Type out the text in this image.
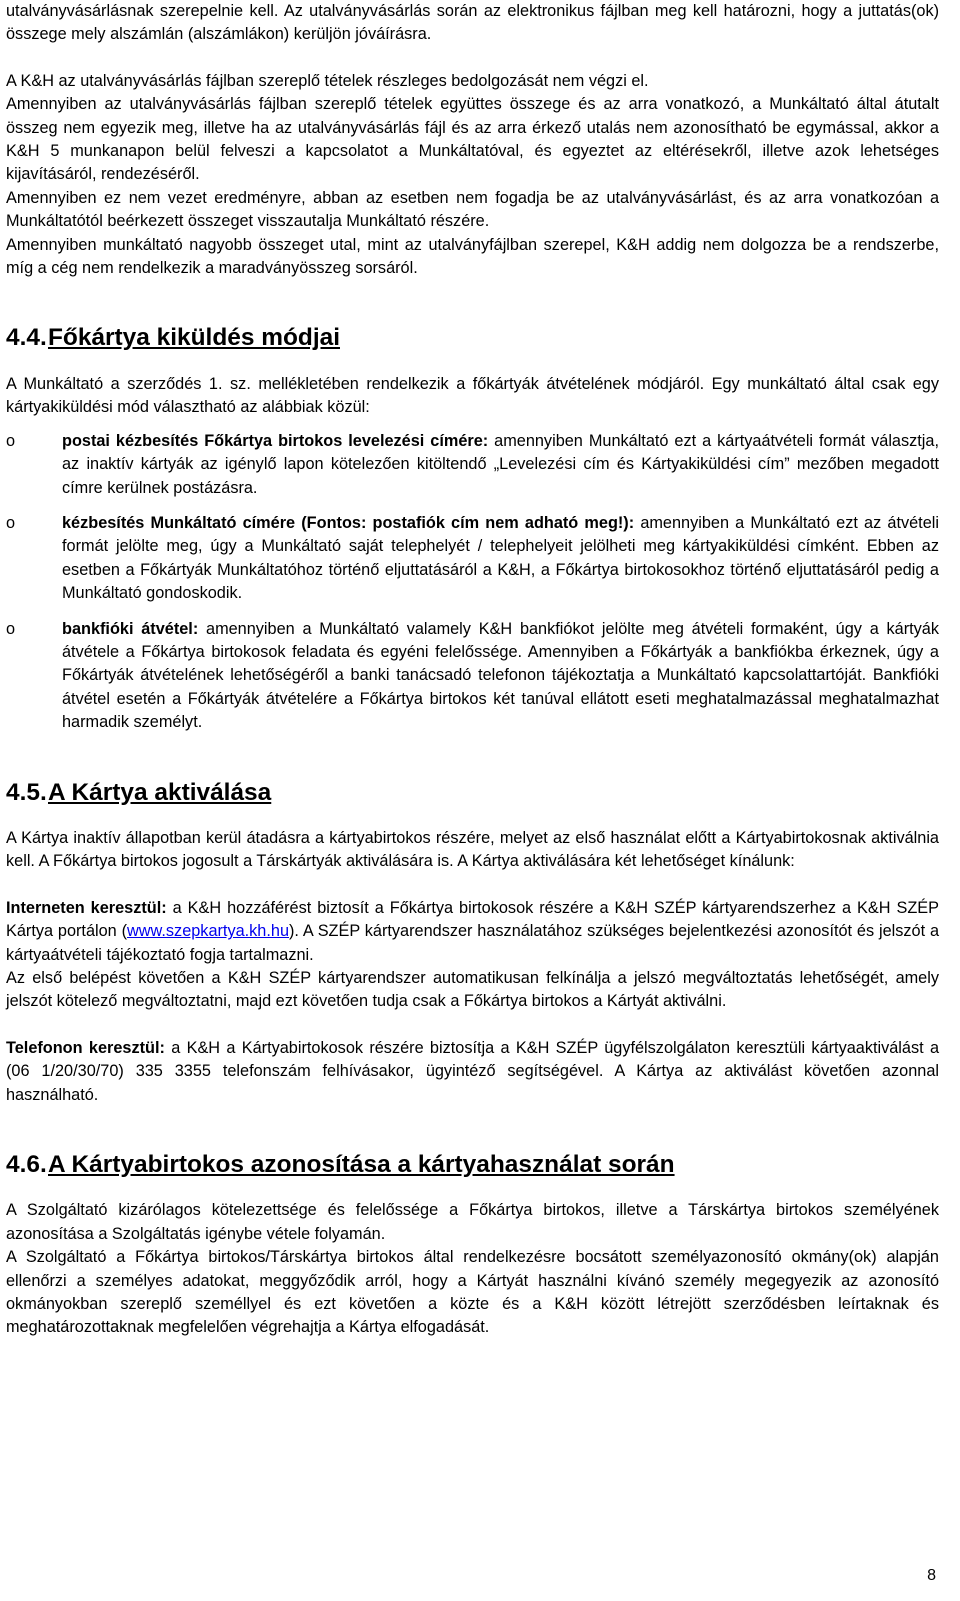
utalványvásárlásnak szerepelnie kell. Az utalványvásárlás során az elektronikus fájlban meg kell határozni, hogy a juttatás(ok) összege mely alszámlán (alszámlákon) kerüljön jóváírásra.

A K&H az utalványvásárlás fájlban szereplő tételek részleges bedolgozását nem végzi el.

Amennyiben az utalványvásárlás fájlban szereplő tételek együttes összege és az arra vonatkozó, a Munkáltató által átutalt összeg nem egyezik meg, illetve ha az utalványvásárlás fájl és az arra érkező utalás nem azonosítható be egymással, akkor a K&H 5 munkanapon belül felveszi a kapcsolatot a Munkáltatóval, és egyeztet az eltérésekről, illetve azok lehetséges kijavításáról, rendezéséről.

Amennyiben ez nem vezet eredményre, abban az esetben nem fogadja be az utalványvásárlást, és az arra vonatkozóan a Munkáltatótól beérkezett összeget visszautalja Munkáltató részére.

Amennyiben munkáltató nagyobb összeget utal, mint az utalványfájlban szerepel, K&H addig nem dolgozza be a rendszerbe, míg a cég nem rendelkezik a maradványösszeg sorsáról.

4.4.Főkártya kiküldés módjai

A Munkáltató a szerződés 1. sz. mellékletében rendelkezik a főkártyák átvételének módjáról. Egy munkáltató által csak egy kártyakiküldési mód választható az alábbiak közül:

o	postai kézbesítés Főkártya birtokos levelezési címére: amennyiben Munkáltató ezt a kártyaátvételi formát választja, az inaktív kártyák az igénylő lapon kötelezően kitöltendő „Levelezési cím és Kártyakiküldési cím” mezőben megadott címre kerülnek postázásra.

o	kézbesítés Munkáltató címére (Fontos: postafiók cím nem adható meg!): amennyiben a Munkáltató ezt az átvételi formát jelölte meg, úgy a Munkáltató saját telephelyét / telephelyeit jelölheti meg kártyakiküldési címként. Ebben az esetben a Főkártyák Munkáltatóhoz történő eljuttatásáról a K&H, a Főkártya birtokosokhoz történő eljuttatásáról pedig a Munkáltató gondoskodik.

o	bankfióki átvétel: amennyiben a Munkáltató valamely K&H bankfiókot jelölte meg átvételi formaként, úgy a kártyák átvétele a Főkártya birtokosok feladata és egyéni felelőssége. Amennyiben a Főkártyák a bankfiókba érkeznek, úgy a Főkártyák átvételének lehetőségéről a banki tanácsadó telefonon tájékoztatja a Munkáltató kapcsolattartóját. Bankfióki átvétel esetén a Főkártyák átvételére a Főkártya birtokos két tanúval ellátott eseti meghatalmazással meghatalmazhat harmadik személyt.

4.5.A Kártya aktiválása

A Kártya inaktív állapotban kerül átadásra a kártyabirtokos részére, melyet az első használat előtt a Kártyabirtokosnak aktiválnia kell. A Főkártya birtokos jogosult a Társkártyák aktiválására is. A Kártya aktiválására két lehetőséget kínálunk:

Interneten keresztül: a K&H hozzáférést biztosít a Főkártya birtokosok részére a K&H SZÉP kártyarendszerhez a K&H SZÉP Kártya portálon (www.szepkartya.kh.hu). A SZÉP kártyarendszer használatához szükséges bejelentkezési azonosítót és jelszót a kártyaátvételi tájékoztató fogja tartalmazni.

Az első belépést követően a K&H SZÉP kártyarendszer automatikusan felkínálja a jelszó megváltoztatás lehetőségét, amely jelszót kötelező megváltoztatni, majd ezt követően tudja csak a Főkártya birtokos a Kártyát aktiválni.

Telefonon keresztül: a K&H a Kártyabirtokosok részére biztosítja a K&H SZÉP ügyfélszolgálaton keresztüli kártyaaktiválást a (06 1/20/30/70) 335 3355 telefonszám felhívásakor, ügyintéző segítségével. A Kártya az aktiválást követően azonnal használható.

4.6.A Kártyabirtokos azonosítása a kártyahasználat során

A Szolgáltató kizárólagos kötelezettsége és felelőssége a Főkártya birtokos, illetve a Társkártya birtokos személyének azonosítása a Szolgáltatás igénybe vétele folyamán.

A Szolgáltató a Főkártya birtokos/Társkártya birtokos által rendelkezésre bocsátott személyazonosító okmány(ok) alapján ellenőrzi a személyes adatokat, meggyőződik arról, hogy a Kártyát használni kívánó személy megegyezik az azonosító okmányokban szereplő személlyel és ezt követően a közte és a K&H között létrejött szerződésben leírtaknak és meghatározottaknak megfelelően végrehajtja a Kártya elfogadását.

8
